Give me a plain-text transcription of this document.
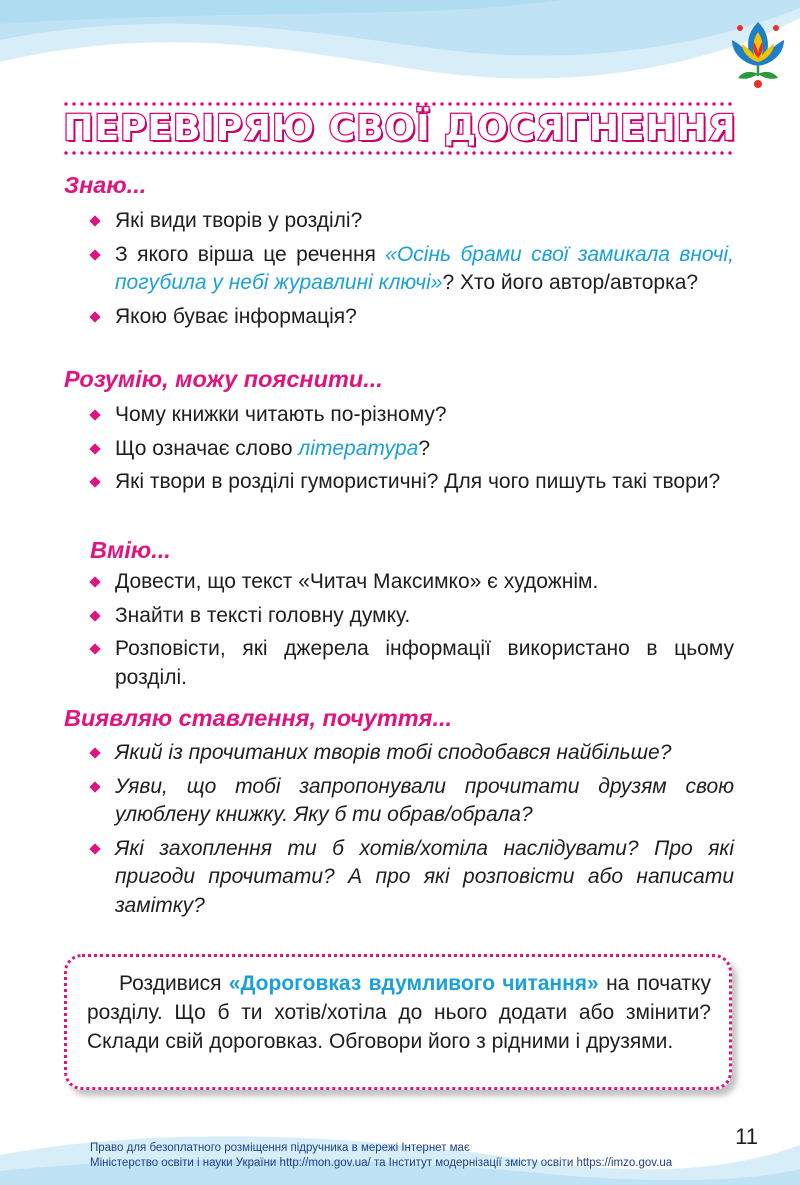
ПЕРЕВІРЯЮ СВОЇ ДОСЯГНЕННЯ
Знаю...
Які види творів у розділі?
З якого вірша це речення «Осінь брами свої замикала вночі, погубила у небі журавлині ключі»? Хто його автор/авторка?
Якою буває інформація?
Розумію, можу пояснити...
Чому книжки читають по-різному?
Що означає слово література?
Які твори в розділі гумористичні? Для чого пишуть такі твори?
Вмію...
Довести, що текст «Читач Максимко» є художнім.
Знайти в тексті головну думку.
Розповісти, які джерела інформації використано в цьому розділі.
Виявляю ставлення, почуття...
Який із прочитаних творів тобі сподобався найбільше?
Уяви, що тобі запропонували прочитати друзям свою улюблену книжку. Яку б ти обрав/обрала?
Які захоплення ти б хотів/хотіла наслідувати? Про які пригоди прочитати? А про які розповісти або написати замітку?

Роздивися «Дороговказ вдумливого читання» на початку розділу. Що б ти хотів/хотіла до нього додати або змінити? Склади свій дороговказ. Обговори його з рідними і друзями.

11
Право для безоплатного розміщення підручника в мережі Інтернет має
Міністерство освіти і науки України http://mon.gov.ua/ та Інститут модернізації змісту освіти https://imzo.gov.ua
